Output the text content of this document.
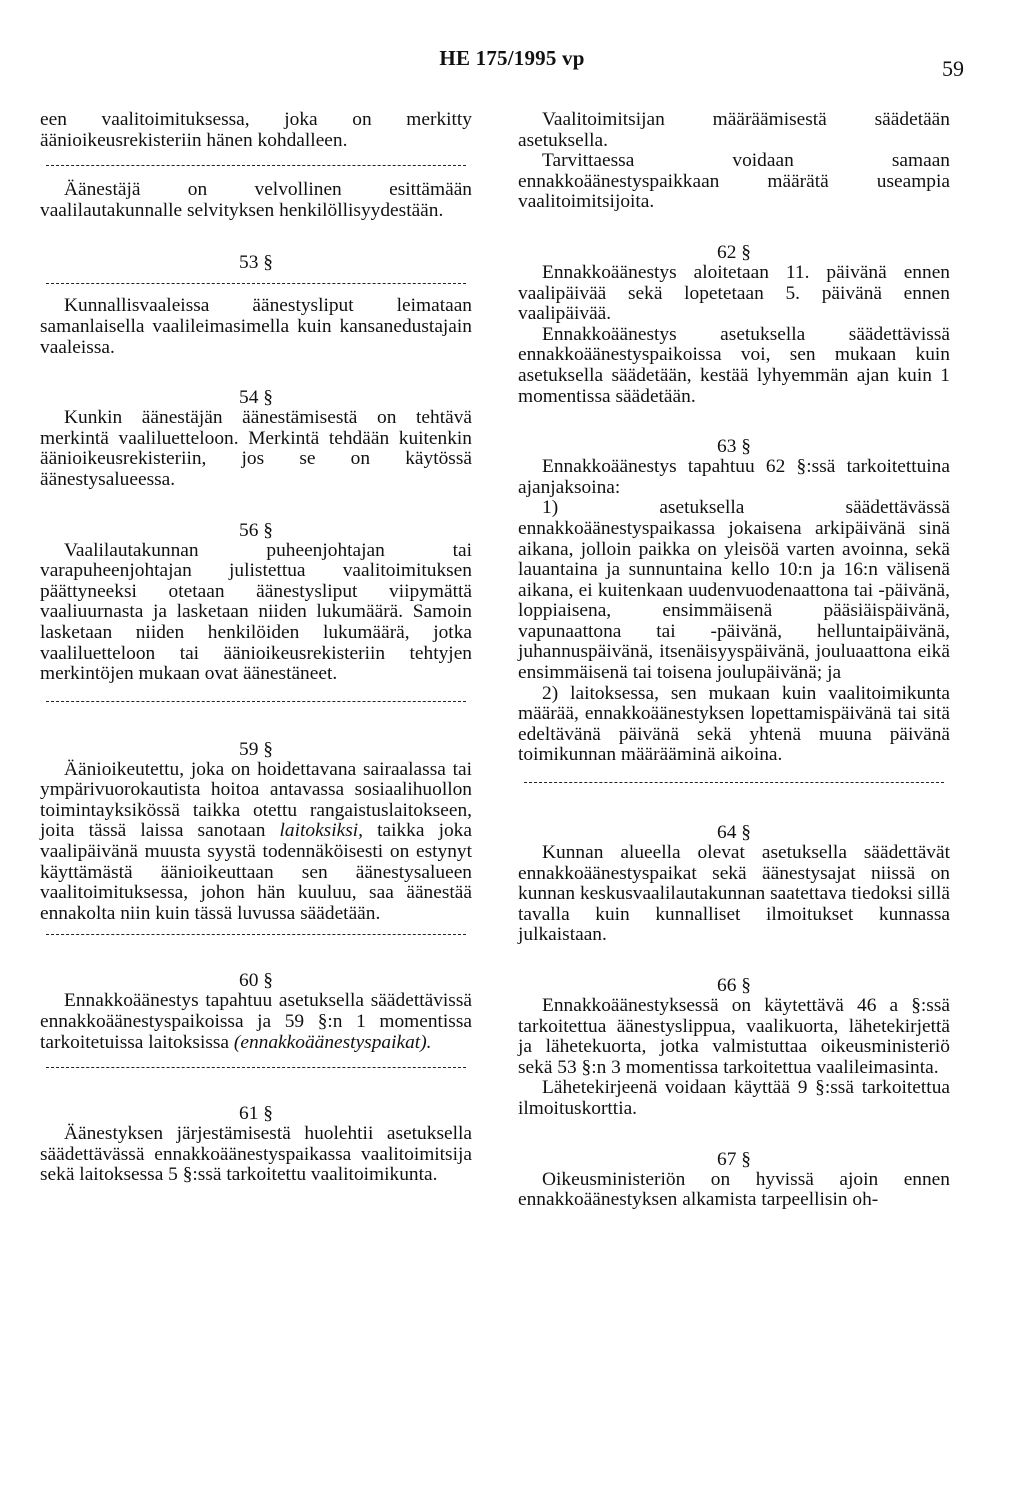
HE 175/1995 vp	59

een vaalitoimituksessa, joka on merkitty äänioikeusrekisteriin hänen kohdalleen.

Äänestäjä on velvollinen esittämään vaalilautakunnalle selvityksen henkilöllisyydestään.

53 §

Kunnallisvaaleissa äänestysliput leimataan samanlaisella vaalileimasimella kuin kansanedustajain vaaleissa.

54 §

Kunkin äänestäjän äänestämisestä on tehtävä merkintä vaaliluetteloon. Merkintä tehdään kuitenkin äänioikeusrekisteriin, jos se on käytössä äänestysalueessa.

56 §

Vaalilautakunnan puheenjohtajan tai varapuheenjohtajan julistettua vaalitoimituksen päättyneeksi otetaan äänestysliput viipymättä vaaliuurnasta ja lasketaan niiden lukumäärä. Samoin lasketaan niiden henkilöiden lukumäärä, jotka vaaliluetteloon tai äänioikeusrekisteriin tehtyjen merkintöjen mukaan ovat äänestäneet.

59 §

Äänioikeutettu, joka on hoidettavana sairaalassa tai ympärivuorokautista hoitoa antavassa sosiaalihuollon toimintayksikössä taikka otettu rangaistuslaitokseen, joita tässä laissa sanotaan laitoksiksi, taikka joka vaalipäivänä muusta syystä todennäköisesti on estynyt käyttämästä äänioikeuttaan sen äänestysalueen vaalitoimituksessa, johon hän kuuluu, saa äänestää ennakolta niin kuin tässä luvussa säädetään.

60 §

Ennakkoäänestys tapahtuu asetuksella säädettävissä ennakkoäänestyspaikoissa ja 59 §:n 1 momentissa tarkoitetuissa laitoksissa (ennakkoäänestyspaikat).

61 §

Äänestyksen järjestämisestä huolehtii asetuksella säädettävässä ennakkoäänestyspaikassa vaalitoimitsija sekä laitoksessa 5 §:ssä tarkoitettu vaalitoimikunta.

Vaalitoimitsijan määräämisestä säädetään asetuksella.

Tarvittaessa voidaan samaan ennakkoäänestyspaikkaan määrätä useampia vaalitoimitsijoita.

62 §

Ennakkoäänestys aloitetaan 11. päivänä ennen vaalipäivää sekä lopetetaan 5. päivänä ennen vaalipäivää.

Ennakkoäänestys asetuksella säädettävissä ennakkoäänestyspaikoissa voi, sen mukaan kuin asetuksella säädetään, kestää lyhyemmän ajan kuin 1 momentissa säädetään.

63 §

Ennakkoäänestys tapahtuu 62 §:ssä tarkoitettuina ajanjaksoina:

1) asetuksella säädettävässä ennakkoäänestyspaikassa jokaisena arkipäivänä sinä aikana, jolloin paikka on yleisöä varten avoinna, sekä lauantaina ja sunnuntaina kello 10:n ja 16:n välisenä aikana, ei kuitenkaan uudenvuodenaattona tai -päivänä, loppiaisena, ensimmäisenä pääsiäispäivänä, vapunaattona tai -päivänä, helluntaipäivänä, juhannuspäivänä, itsenäisyyspäivänä, jouluaattona eikä ensimmäisenä tai toisena joulupäivänä; ja

2) laitoksessa, sen mukaan kuin vaalitoimikunta määrää, ennakkoäänestyksen lopettamispäivänä tai sitä edeltävänä päivänä sekä yhtenä muuna päivänä toimikunnan määrääminä aikoina.

64 §

Kunnan alueella olevat asetuksella säädettävät ennakkoäänestyspaikat sekä äänestysajat niissä on kunnan keskusvaalilautakunnan saatettava tiedoksi sillä tavalla kuin kunnalliset ilmoitukset kunnassa julkaistaan.

66 §

Ennakkoäänestyksessä on käytettävä 46 a §:ssä tarkoitettua äänestyslippua, vaalikuorta, lähetekirjettä ja lähetekuorta, jotka valmistuttaa oikeusministeriö sekä 53 §:n 3 momentissa tarkoitettua vaalileimasinta.

Lähetekirjeenä voidaan käyttää 9 §:ssä tarkoitettua ilmoituskorttia.

67 §

Oikeusministeriön on hyvissä ajoin ennen ennakkoäänestyksen alkamista tarpeellisin oh-
